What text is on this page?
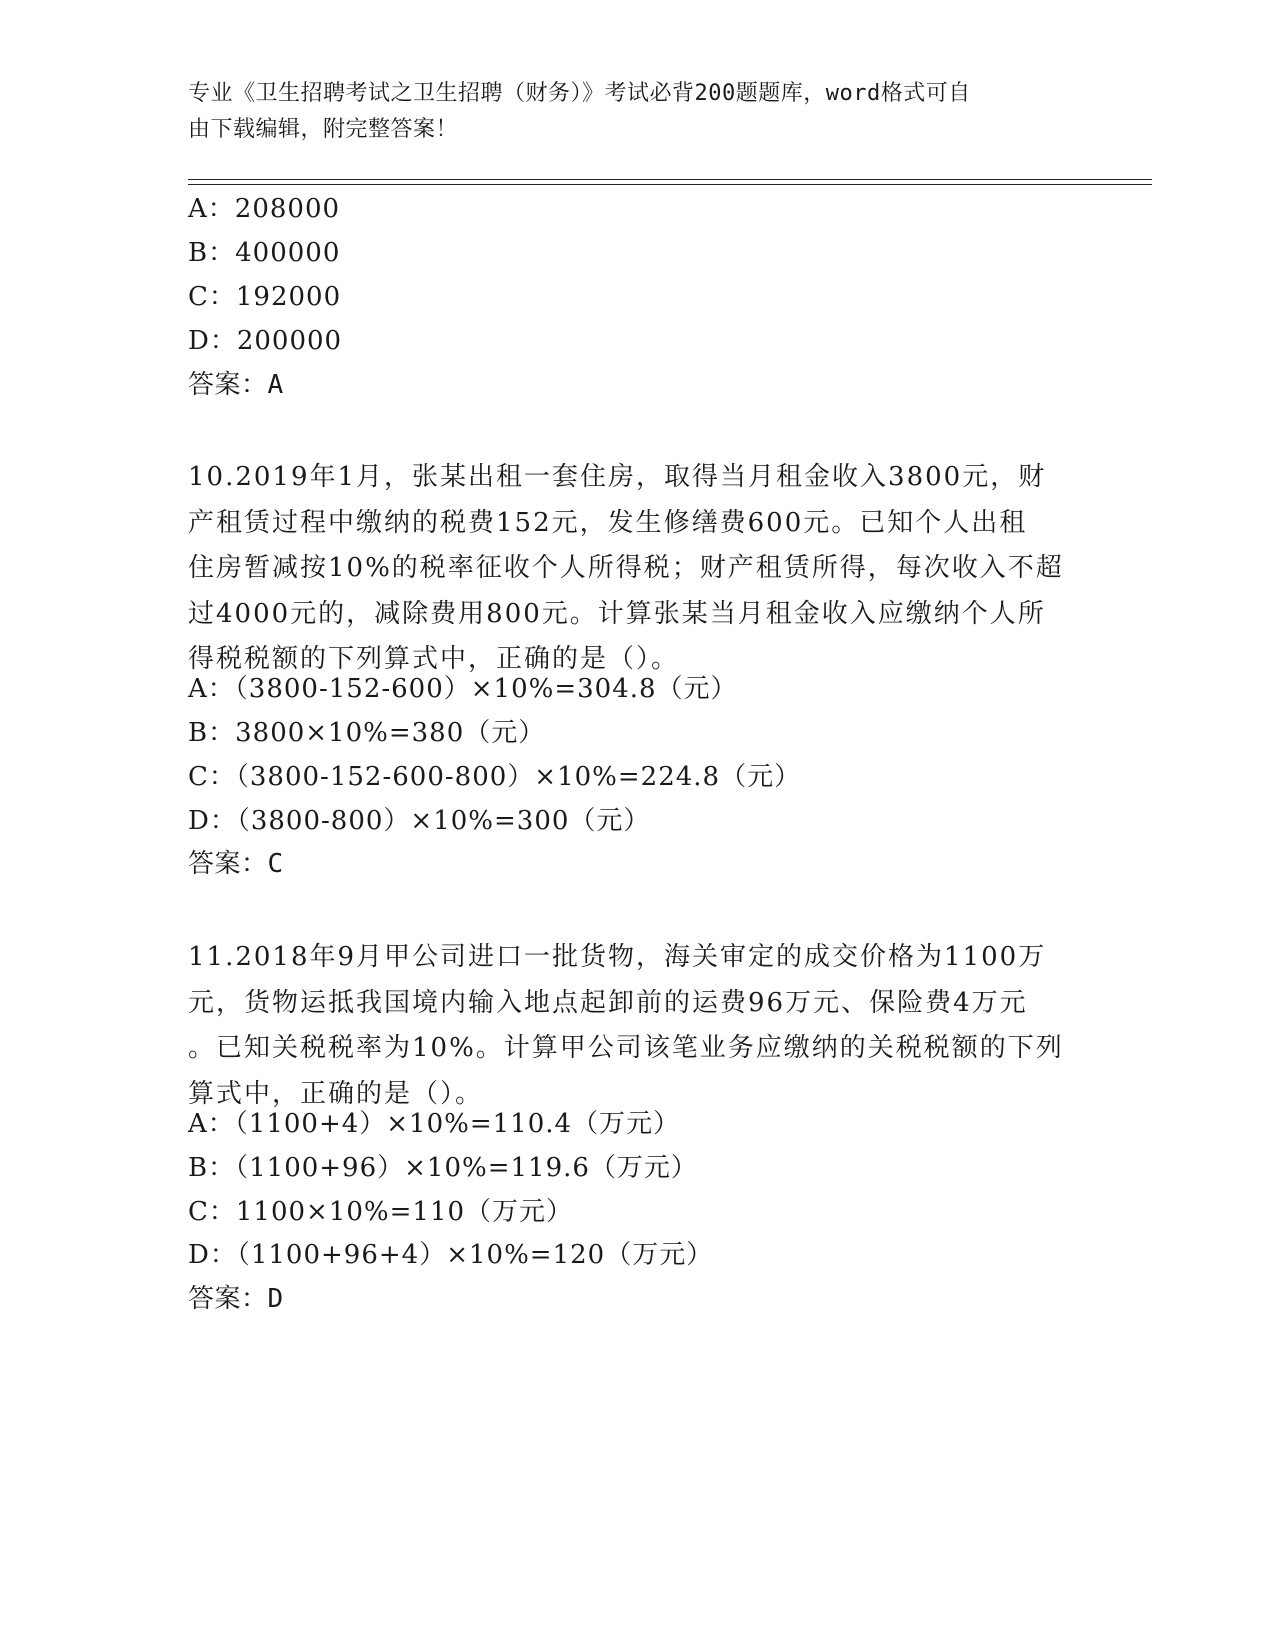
专业《卫生招聘考试之卫生招聘（财务）》考试必背200题题库，word格式可自
由下载编辑，附完整答案！
A：208000
B：400000
C：192000
D：200000
答案：A
10.2019年1月，张某出租一套住房，取得当月租金收入3800元，财
产租赁过程中缴纳的税费152元，发生修缮费600元。已知个人出租
住房暂减按10%的税率征收个人所得税；财产租赁所得，每次收入不超
过4000元的，减除费用800元。计算张某当月租金收入应缴纳个人所
得税税额的下列算式中，正确的是（）。
A：（3800-152-600）×10%=304.8（元）
B：3800×10%=380（元）
C：（3800-152-600-800）×10%=224.8（元）
D：（3800-800）×10%=300（元）
答案：C
11.2018年9月甲公司进口一批货物，海关审定的成交价格为1100万
元，货物运抵我国境内输入地点起卸前的运费96万元、保险费4万元
。已知关税税率为10%。计算甲公司该笔业务应缴纳的关税税额的下列
算式中，正确的是（）。
A：（1100+4）×10%=110.4（万元）
B：（1100+96）×10%=119.6（万元）
C：1100×10%=110（万元）
D：（1100+96+4）×10%=120（万元）
答案：D
